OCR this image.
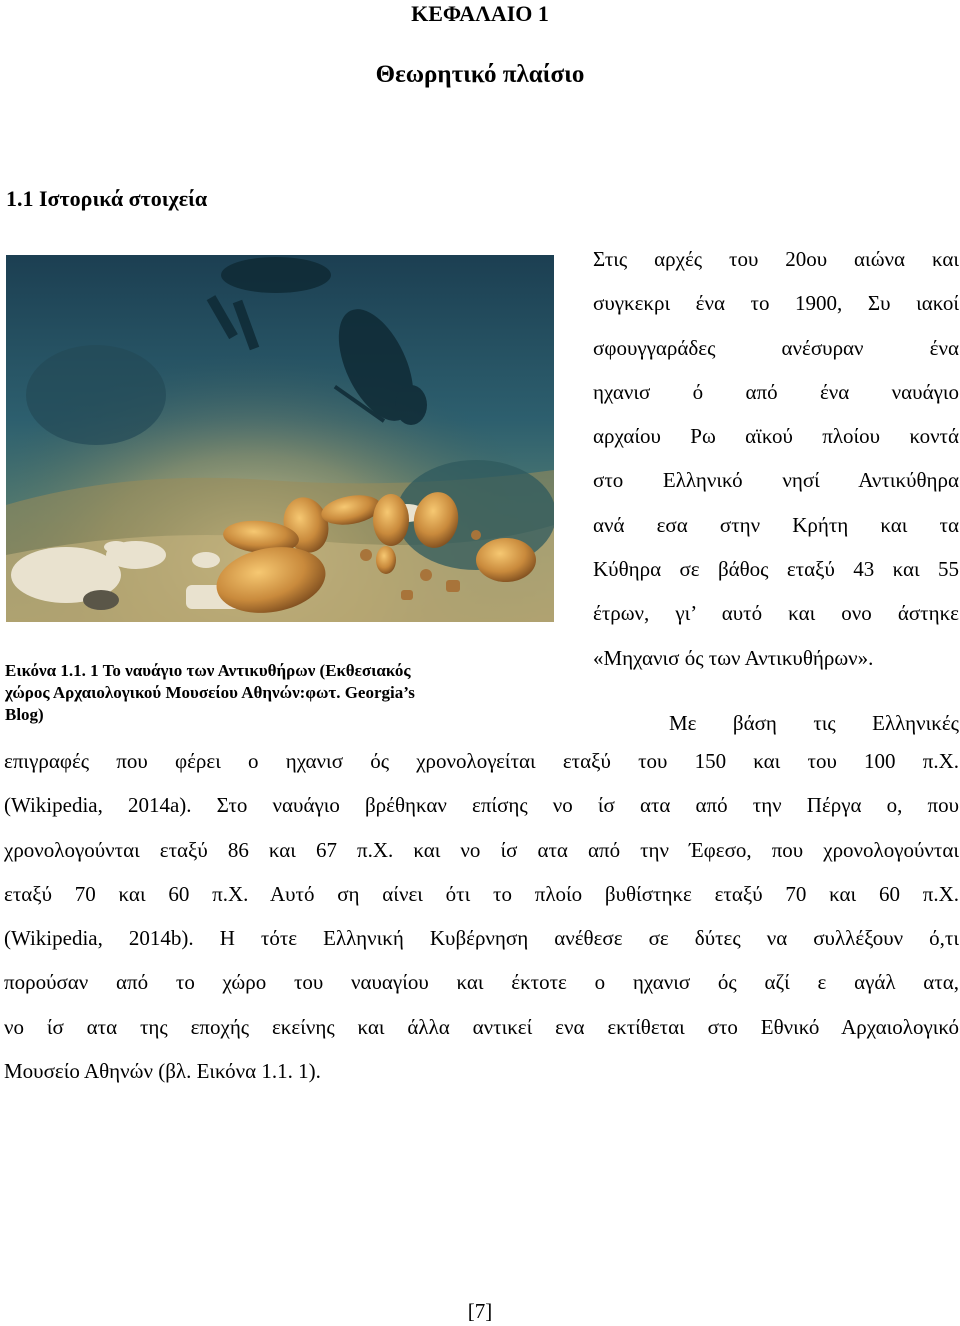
ΚΕΦΑΛΑΙΟ 1
Θεωρητικό πλαίσιο
1.1 Ιστορικά στοιχεία
Εικόνα 1.1. 1 Το ναυάγιο των Αντικυθήρων (Εκθεσιακός
χώρος Αρχαιολογικού Μουσείου Αθηνών:φωτ. Georgia’s
Blog)
Στις αρχές του 20ου αιώνα και
συγκεκρι ένα το 1900, Συ ιακοί
σφουγγαράδες ανέσυραν ένα
ηχανισ ό από ένα ναυάγιο
αρχαίου Ρω αϊκού πλοίου κοντά
στο Ελληνικό νησί Αντικύθηρα
ανά εσα στην Κρήτη και τα
Κύθηρα σε βάθος εταξύ 43 και 55
έτρων, γι’ αυτό και ονο άστηκε
«Μηχανισ ός των Αντικυθήρων».
Με βάση τις Ελληνικές
επιγραφές που φέρει ο ηχανισ ός χρονολογείται εταξύ του 150 και του 100 π.Χ.
(Wikipedia, 2014a). Στο ναυάγιο βρέθηκαν επίσης νο ίσ ατα από την Πέργα ο, που
χρονολογούνται εταξύ 86 και 67 π.Χ. και νο ίσ ατα από την Έφεσο, που χρονολογούνται
εταξύ 70 και 60 π.Χ. Αυτό ση αίνει ότι το πλοίο βυθίστηκε εταξύ 70 και 60 π.Χ.
(Wikipedia, 2014b). Η τότε Ελληνική Κυβέρνηση ανέθεσε σε δύτες να συλλέξουν ό,τι
πορούσαν από το χώρο του ναυαγίου και έκτοτε ο ηχανισ ός αζί ε αγάλ ατα,
νο ίσ ατα της εποχής εκείνης και άλλα αντικεί ενα εκτίθεται στο Εθνικό Αρχαιολογικό
Μουσείο Αθηνών (βλ. Εικόνα 1.1. 1).
[7]
